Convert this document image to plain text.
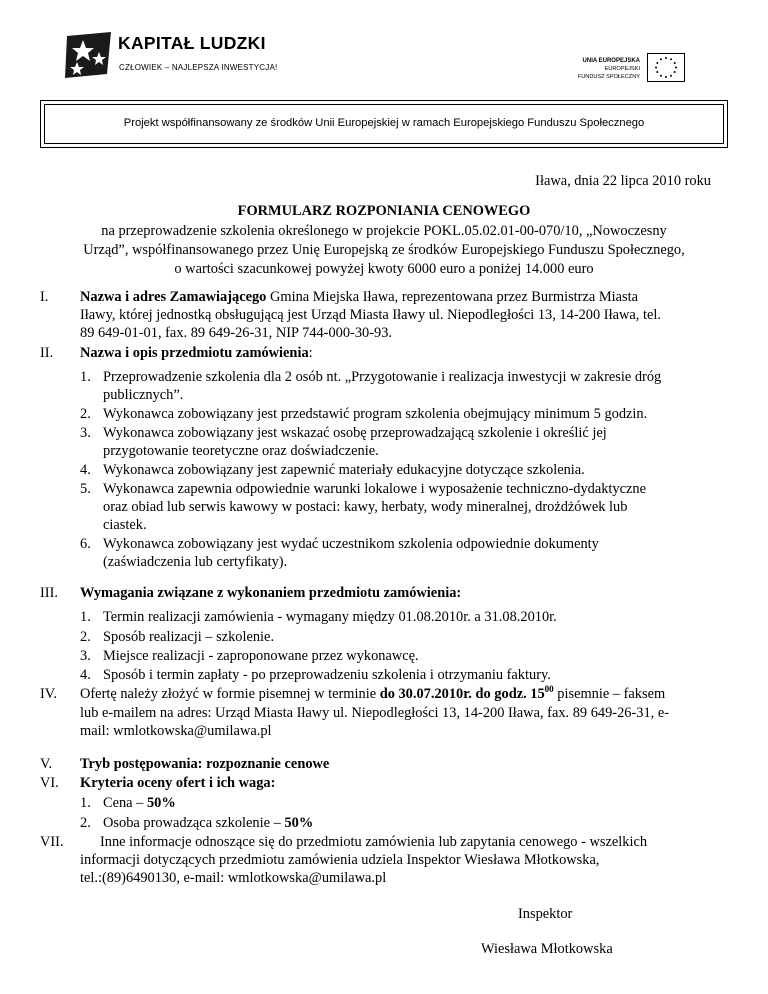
KAPITAŁ LUDZKI
CZŁOWIEK – NAJLEPSZA INWESTYCJA!
UNIA EUROPEJSKA
EUROPEJSKI
FUNDUSZ SPOŁECZNY
Projekt współfinansowany ze środków Unii Europejskiej w ramach Europejskiego Funduszu Społecznego
Iława, dnia 22 lipca 2010 roku
FORMULARZ ROZPONIANIA CENOWEGO
na przeprowadzenie szkolenia określonego w projekcie POKL.05.02.01-00-070/10, „Nowoczesny
Urząd”, współfinansowanego przez Unię Europejską ze środków Europejskiego Funduszu Społecznego,
o wartości szacunkowej powyżej kwoty 6000 euro a poniżej 14.000 euro
I. Nazwa i adres Zamawiającego Gmina Miejska Iława, reprezentowana przez Burmistrza Miasta
Iławy, której jednostką obsługującą jest Urząd Miasta Iławy ul. Niepodległości 13, 14-200 Iława, tel.
89 649-01-01, fax. 89 649-26-31, NIP 744-000-30-93.
II. Nazwa i opis przedmiotu zamówienia:
1. Przeprowadzenie szkolenia dla 2 osób nt. „Przygotowanie i realizacja inwestycji w zakresie dróg
publicznych”.
2. Wykonawca zobowiązany jest przedstawić program szkolenia obejmujący minimum 5 godzin.
3. Wykonawca zobowiązany jest wskazać osobę przeprowadzającą szkolenie i określić jej
przygotowanie teoretyczne oraz doświadczenie.
4. Wykonawca zobowiązany jest zapewnić materiały edukacyjne dotyczące szkolenia.
5. Wykonawca zapewnia odpowiednie warunki lokalowe i wyposażenie techniczno-dydaktyczne
oraz obiad lub serwis kawowy w postaci: kawy, herbaty, wody mineralnej, drożdżówek lub
ciastek.
6. Wykonawca zobowiązany jest wydać uczestnikom szkolenia odpowiednie dokumenty
(zaświadczenia lub certyfikaty).
III. Wymagania związane z wykonaniem przedmiotu zamówienia:
1. Termin realizacji zamówienia - wymagany między 01.08.2010r. a 31.08.2010r.
2. Sposób realizacji – szkolenie.
3. Miejsce realizacji - zaproponowane przez wykonawcę.
4. Sposób i termin zapłaty - po przeprowadzeniu szkolenia i otrzymaniu faktury.
IV. Ofertę należy złożyć w formie pisemnej w terminie do 30.07.2010r. do godz. $15^{00}$ pisemnie – faksem
lub e-mailem na adres: Urząd Miasta Iławy ul. Niepodległości 13, 14-200 Iława, fax. 89 649-26-31, e-
mail: wmlotkowska@umilawa.pl
V. Tryb postępowania: rozpoznanie cenowe
VI. Kryteria oceny ofert i ich waga:
1. Cena – 50%
2. Osoba prowadząca szkolenie – 50%
VII.	Inne informacje odnoszące się do przedmiotu zamówienia lub zapytania cenowego - wszelkich
informacji dotyczących przedmiotu zamówienia udziela Inspektor Wiesława Młotkowska,
tel.:(89)6490130, e-mail: wmlotkowska@umilawa.pl
Inspektor
Wiesława Młotkowska
